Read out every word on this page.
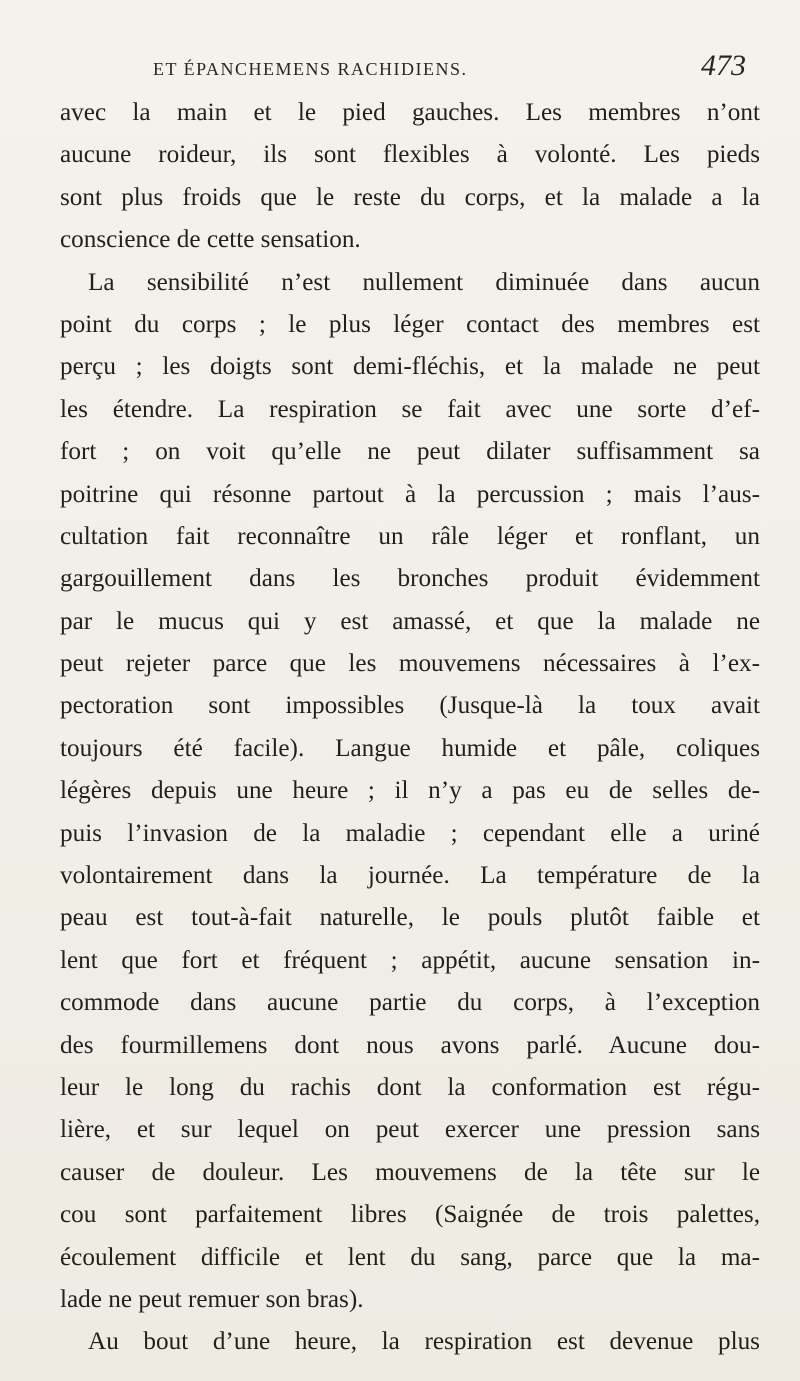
ET ÉPANCHEMENS RACHIDIENS.	473
avec la main et le pied gauches. Les membres n’ont
aucune roideur, ils sont flexibles à volonté. Les pieds
sont plus froids que le reste du corps, et la malade a la
conscience de cette sensation.
La sensibilité n’est nullement diminuée dans aucun
point du corps ; le plus léger contact des membres est
perçu ; les doigts sont demi-fléchis, et la malade ne peut
les étendre. La respiration se fait avec une sorte d’ef-
fort ; on voit qu’elle ne peut dilater suffisamment sa
poitrine qui résonne partout à la percussion ; mais l’aus-
cultation fait reconnaître un râle léger et ronflant, un
gargouillement dans les bronches produit évidemment
par le mucus qui y est amassé, et que la malade ne
peut rejeter parce que les mouvemens nécessaires à l’ex-
pectoration sont impossibles (Jusque-là la toux avait
toujours été facile). Langue humide et pâle, coliques
légères depuis une heure ; il n’y a pas eu de selles de-
puis l’invasion de la maladie ; cependant elle a uriné
volontairement dans la journée. La température de la
peau est tout-à-fait naturelle, le pouls plutôt faible et
lent que fort et fréquent ; appétit, aucune sensation in-
commode dans aucune partie du corps, à l’exception
des fourmillemens dont nous avons parlé. Aucune dou-
leur le long du rachis dont la conformation est régu-
lière, et sur lequel on peut exercer une pression sans
causer de douleur. Les mouvemens de la tête sur le
cou sont parfaitement libres (Saignée de trois palettes,
écoulement difficile et lent du sang, parce que la ma-
lade ne peut remuer son bras).
Au bout d’une heure, la respiration est devenue plus
